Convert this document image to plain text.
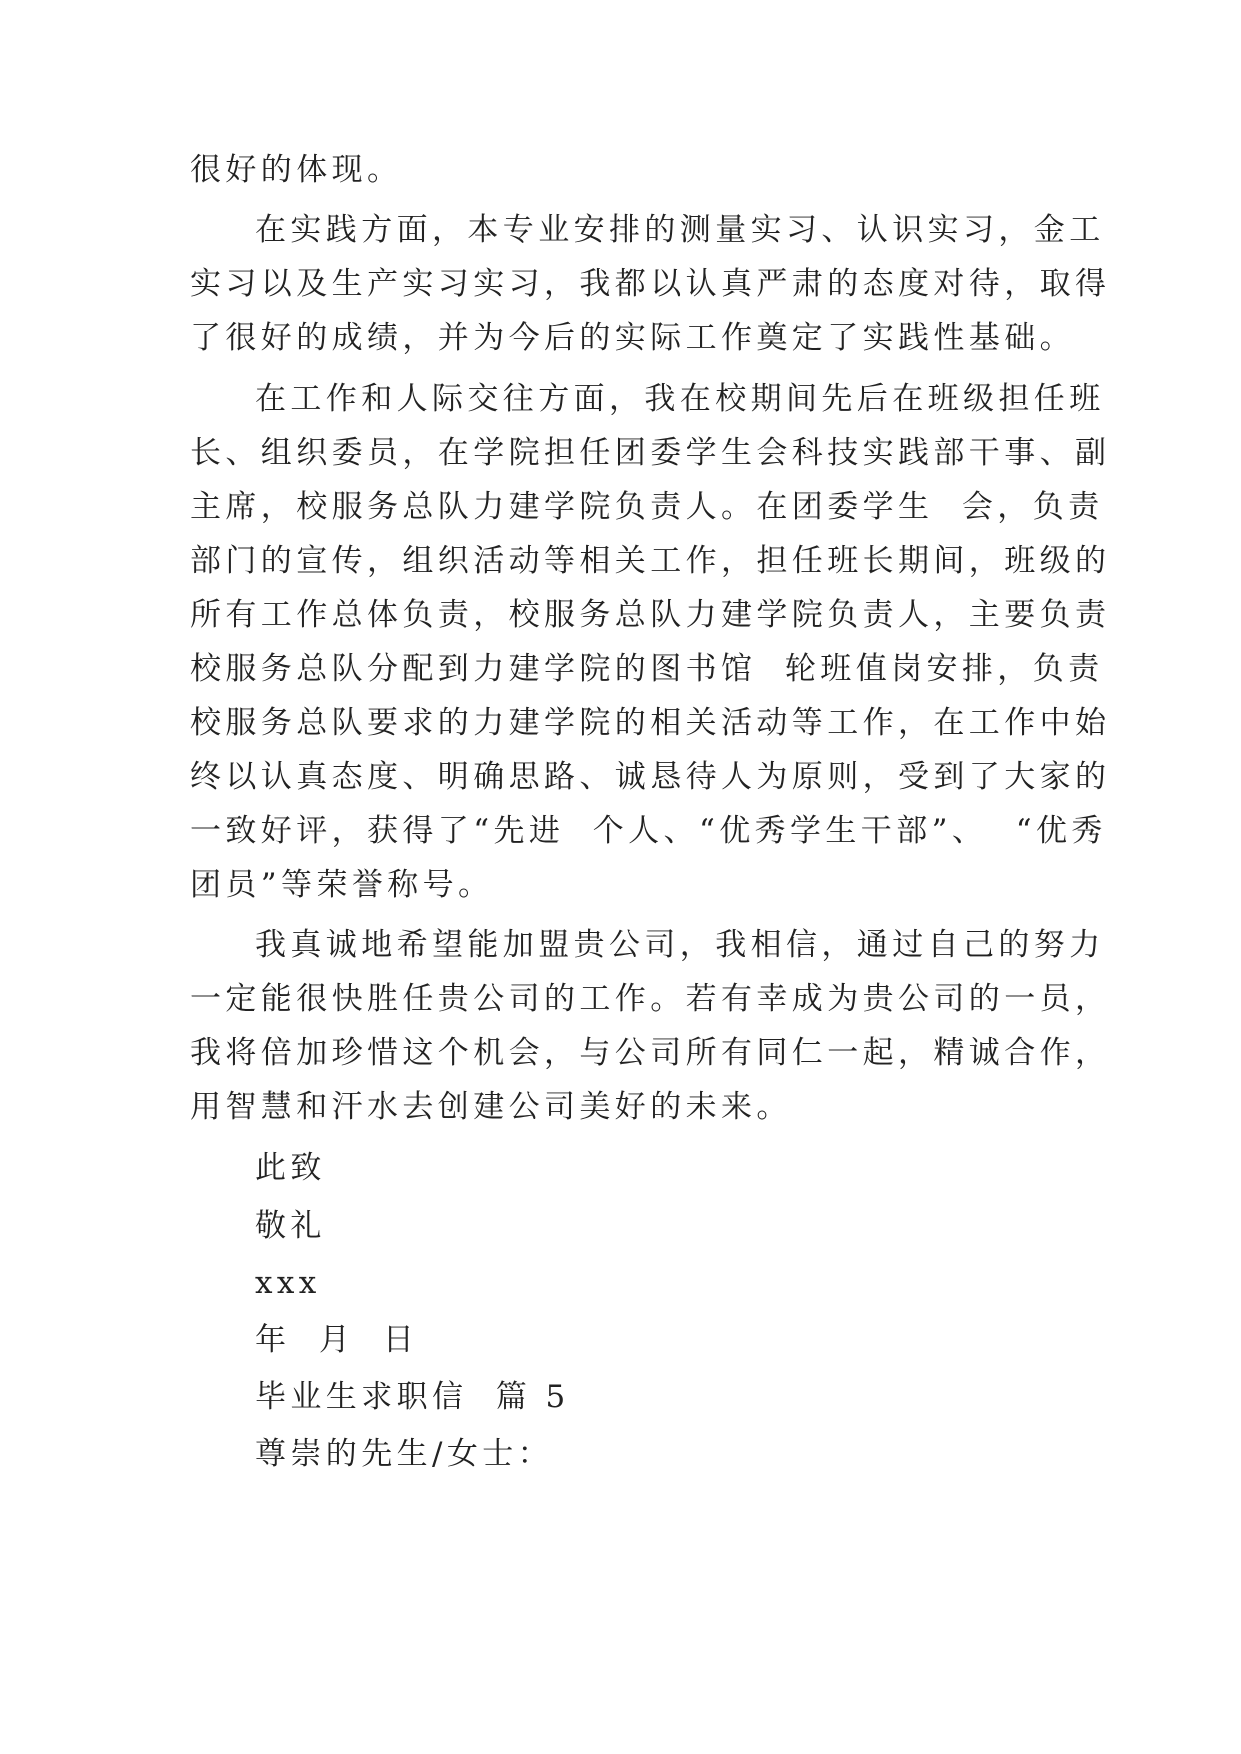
很好的体现。
在实践方面，本专业安排的测量实习、认识实习，金工
实习以及生产实习实习，我都以认真严肃的态度对待，取得
了很好的成绩，并为今后的实际工作奠定了实践性基础。
在工作和人际交往方面，我在校期间先后在班级担任班
长、组织委员，在学院担任团委学生会科技实践部干事、副
主席，校服务总队力建学院负责人。在团委学生  会，负责
部门的宣传，组织活动等相关工作，担任班长期间，班级的
所有工作总体负责，校服务总队力建学院负责人，主要负责
校服务总队分配到力建学院的图书馆  轮班值岗安排，负责
校服务总队要求的力建学院的相关活动等工作，在工作中始
终以认真态度、明确思路、诚恳待人为原则，受到了大家的
一致好评，获得了“先进  个人、“优秀学生干部”、  “优秀
团员”等荣誉称号。
我真诚地希望能加盟贵公司，我相信，通过自己的努力
一定能很快胜任贵公司的工作。若有幸成为贵公司的一员，
我将倍加珍惜这个机会，与公司所有同仁一起，精诚合作，
用智慧和汗水去创建公司美好的未来。
此致
敬礼
xxx
年  月  日
毕业生求职信  篇 5
尊崇的先生/女士：
